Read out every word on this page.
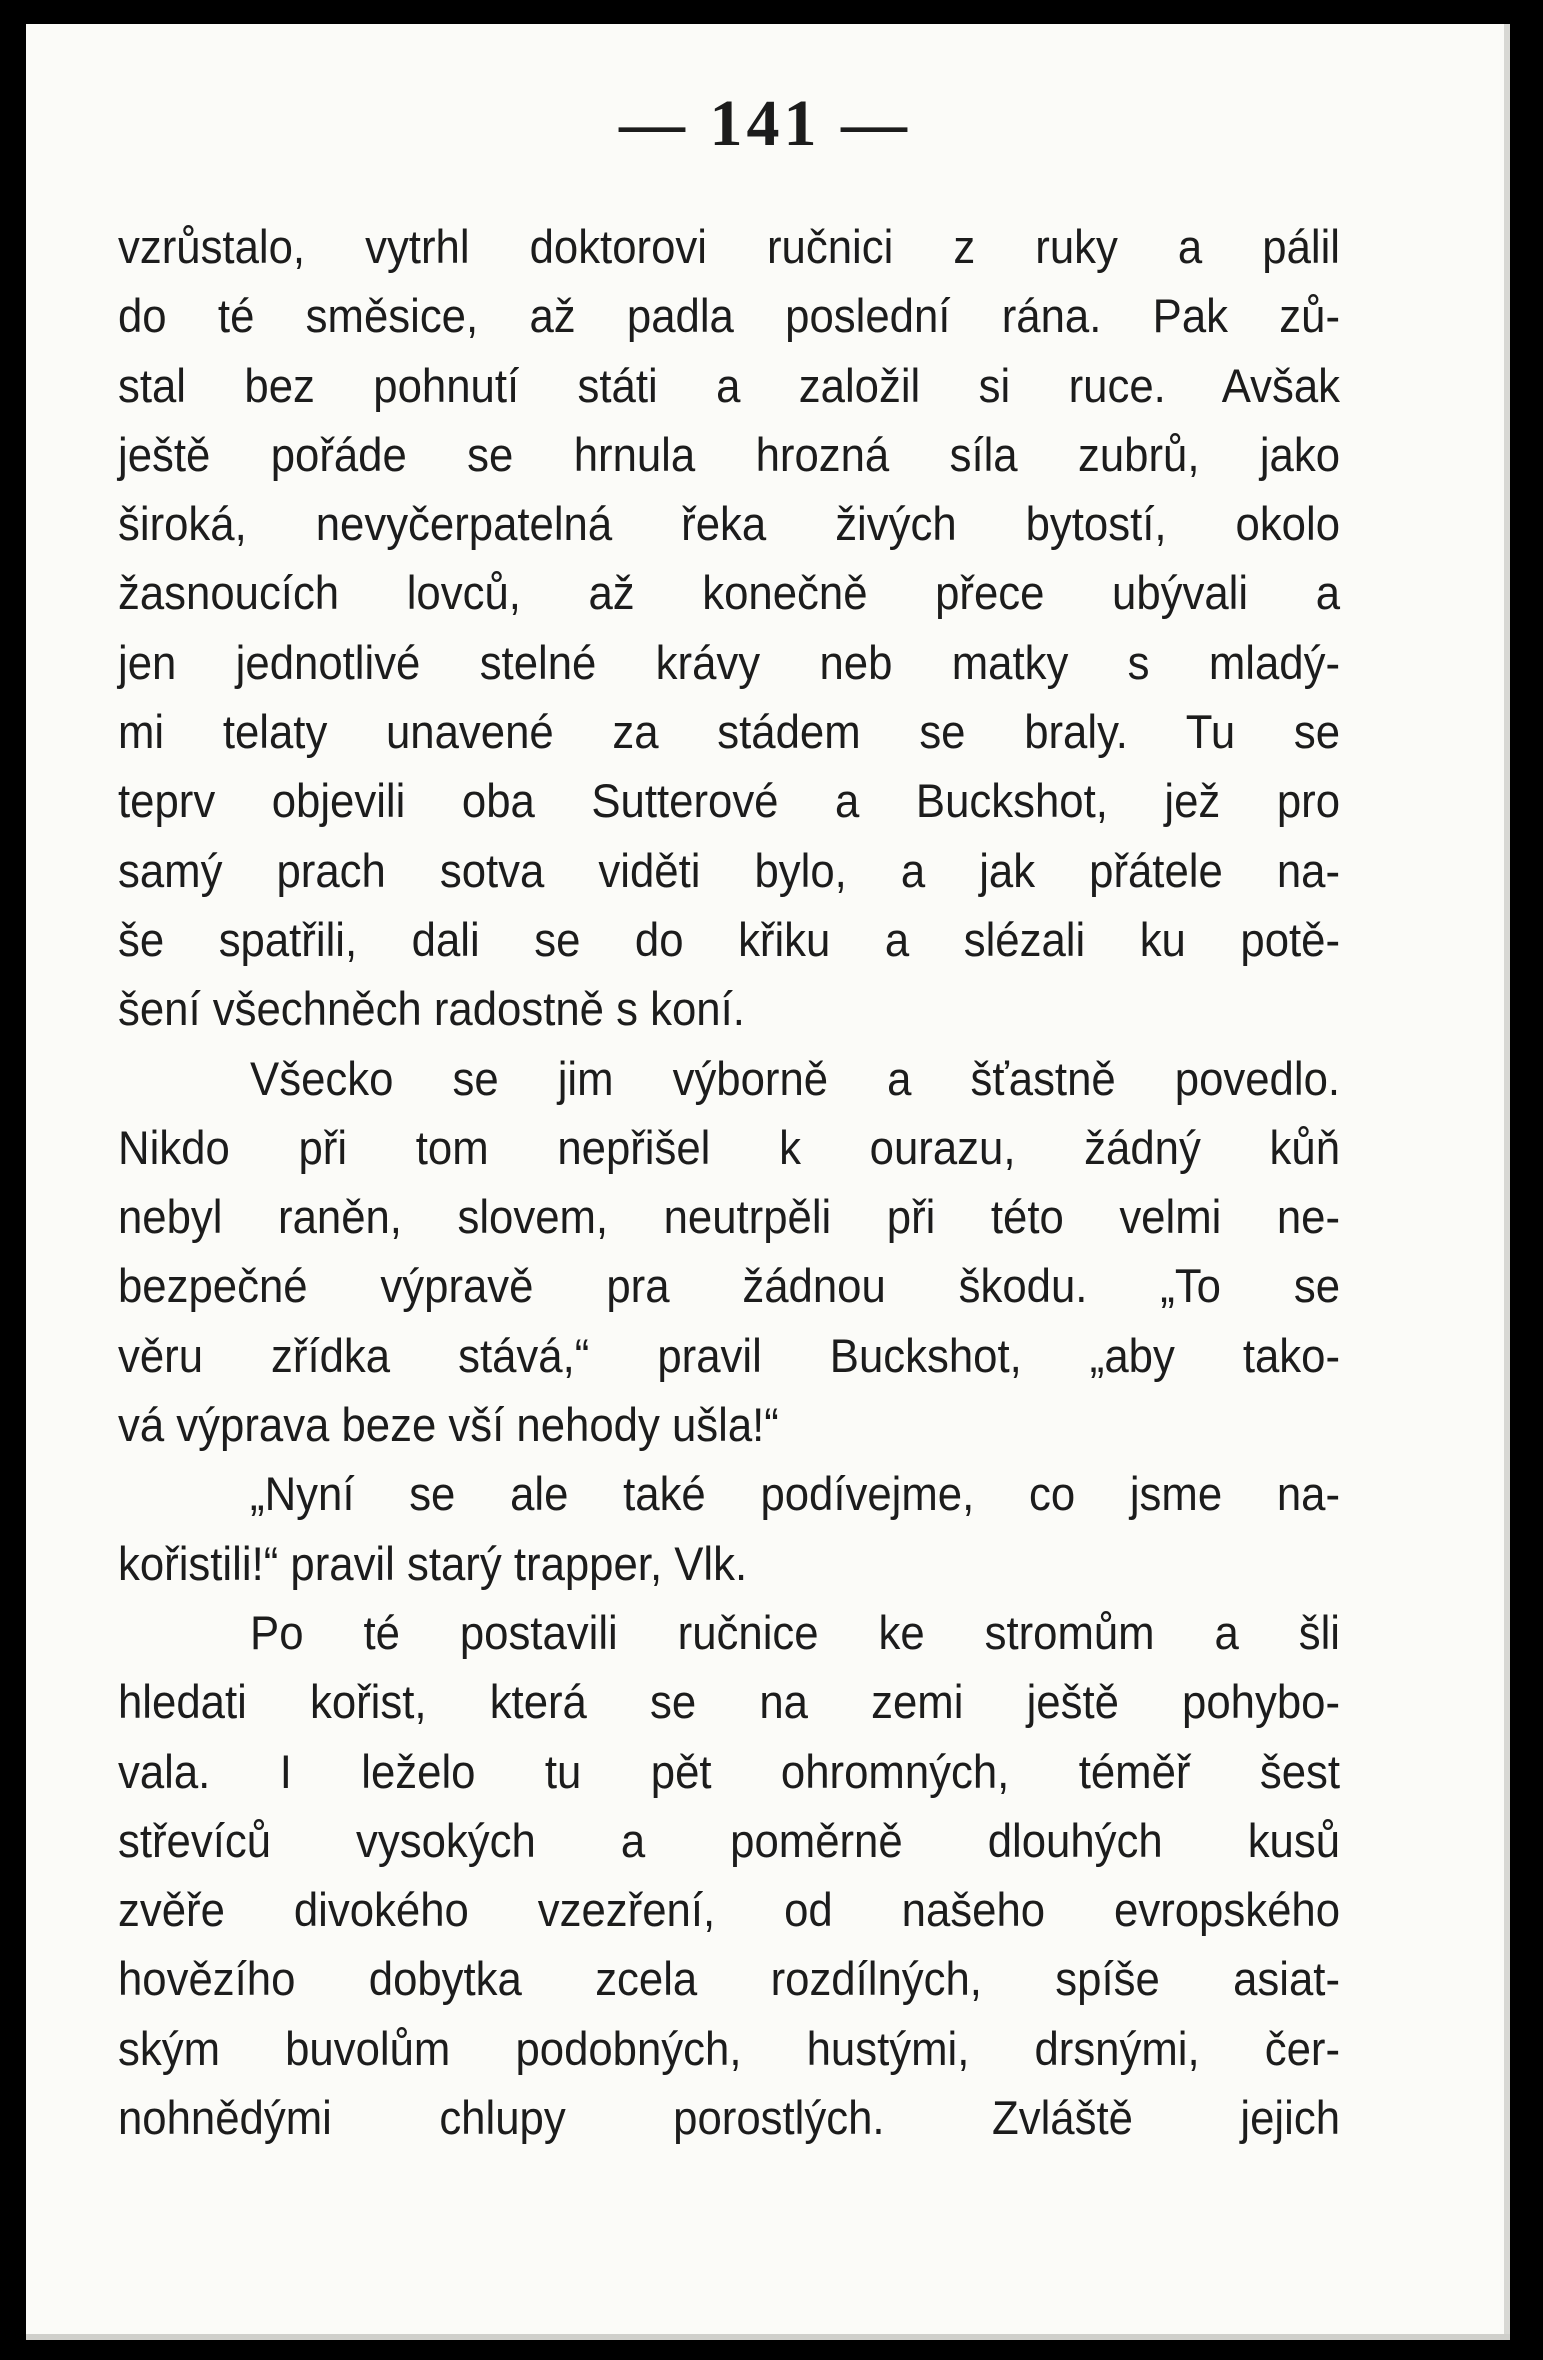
— 141 —
vzrůstalo, vytrhl doktorovi ručnici z ruky a pálil
do té směsice, až padla poslední rána. Pak zů-
stal bez pohnutí státi a založil si ruce. Avšak
ještě pořáde se hrnula hrozná síla zubrů, jako
široká, nevyčerpatelná řeka živých bytostí, okolo
žasnoucích lovců, až konečně přece ubývali a
jen jednotlivé stelné krávy neb matky s mladý-
mi telaty unavené za stádem se braly. Tu se
teprv objevili oba Sutterové a Buckshot, jež pro
samý prach sotva viděti bylo, a jak přátele na-
še spatřili, dali se do křiku a slézali ku potě-
šení všechněch radostně s koní.
Všecko se jim výborně a šťastně povedlo.
Nikdo při tom nepřišel k ourazu, žádný kůň
nebyl raněn, slovem, neutrpěli při této velmi ne-
bezpečné výpravě pra žádnou škodu. „To se
věru zřídka stává,“ pravil Buckshot, „aby tako-
vá výprava beze vší nehody ušla!“
„Nyní se ale také podívejme, co jsme na-
kořistili!“ pravil starý trapper, Vlk.
Po té postavili ručnice ke stromům a šli
hledati kořist, která se na zemi ještě pohybo-
vala. I leželo tu pět ohromných, téměř šest
střevíců vysokých a poměrně dlouhých kusů
zvěře divokého vzezření, od našeho evropského
hovězího dobytka zcela rozdílných, spíše asiat-
ským buvolům podobných, hustými, drsnými, čer-
nohnědými chlupy porostlých. Zvláště jejich
